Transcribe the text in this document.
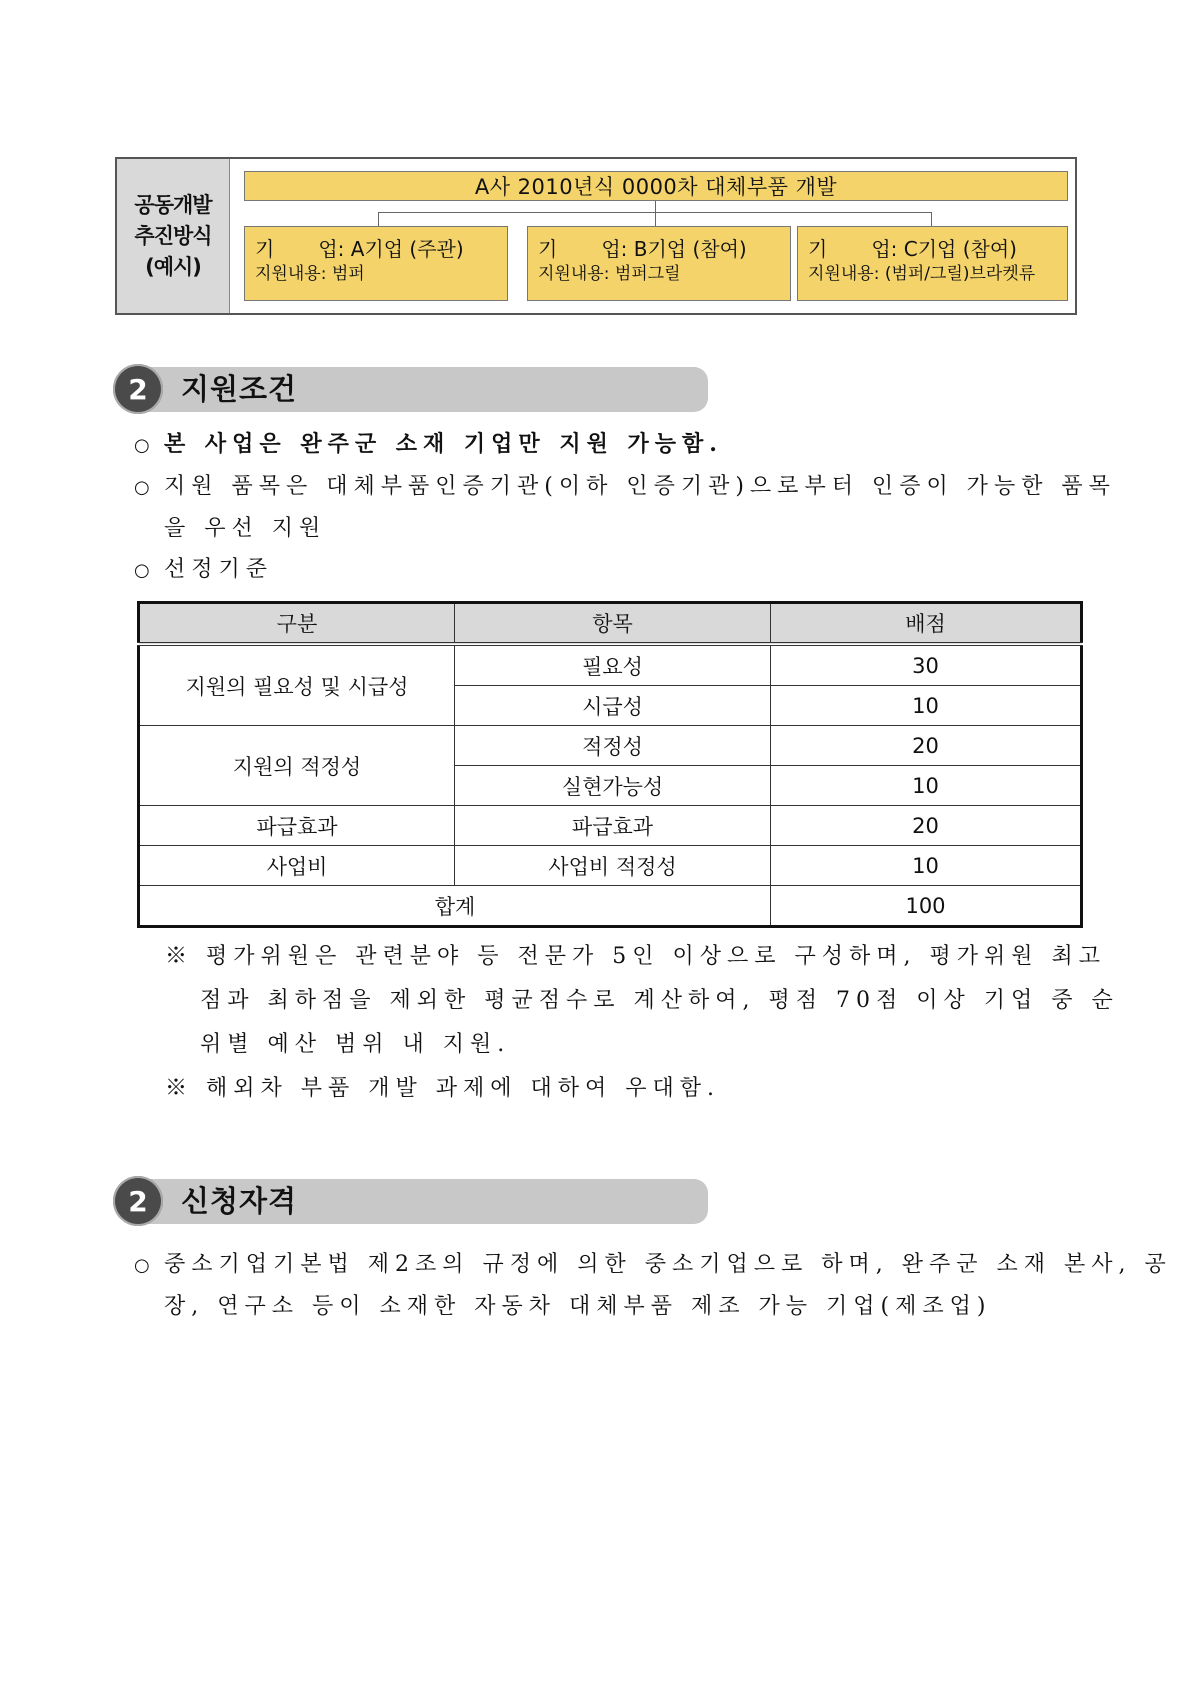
공동개발
추진방식
(예시)
A사 2010년식 0000차 대체부품 개발
기 업: A기업 (주관)
지원내용: 범퍼
기 업: B기업 (참여)
지원내용: 범퍼그릴
기 업: C기업 (참여)
지원내용: (범퍼/그릴)브라켓류
2	지원조건
○ 본 사업은 완주군 소재 기업만 지원 가능함.
○ 지원 품목은 대체부품인증기관(이하 인증기관)으로부터 인증이 가능한 품목
을 우선 지원
○ 선정기준
구분	항목	배점
지원의 필요성 및 시급성	필요성	30
	시급성	10
지원의 적정성	적정성	20
	실현가능성	10
파급효과	파급효과	20
사업비	사업비 적정성	10
합계		100
※ 평가위원은 관련분야 등 전문가 5인 이상으로 구성하며, 평가위원 최고
점과 최하점을 제외한 평균점수로 계산하여, 평점 70점 이상 기업 중 순
위별 예산 범위 내 지원.
※ 해외차 부품 개발 과제에 대하여 우대함.
2	신청자격
○ 중소기업기본법 제2조의 규정에 의한 중소기업으로 하며, 완주군 소재 본사, 공
장, 연구소 등이 소재한 자동차 대체부품 제조 가능 기업(제조업)
